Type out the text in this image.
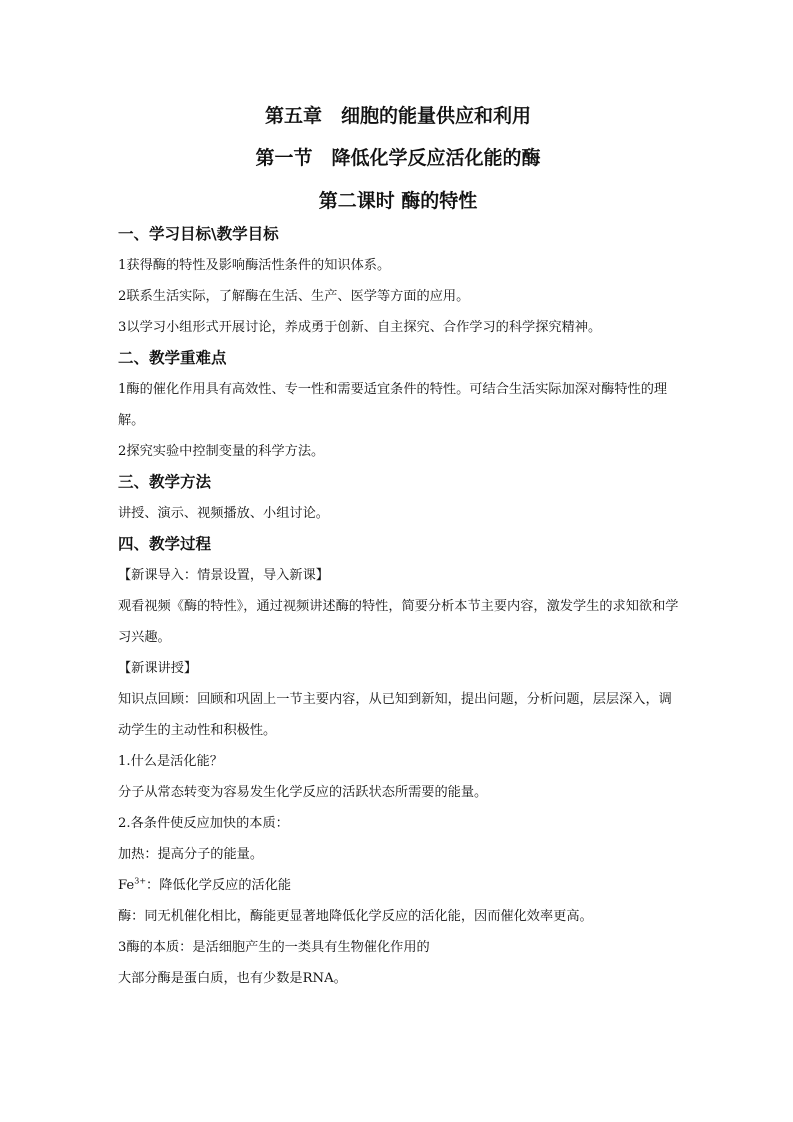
第五章　细胞的能量供应和利用
第一节　降低化学反应活化能的酶
第二课时 酶的特性
一、学习目标\教学目标

1获得酶的特性及影响酶活性条件的知识体系。

2联系生活实际，了解酶在生活、生产、医学等方面的应用。

3以学习小组形式开展讨论，养成勇于创新、自主探究、合作学习的科学探究精神。

二、教学重难点

1酶的催化作用具有高效性、专一性和需要适宜条件的特性。可结合生活实际加深对酶特性的理解。

2探究实验中控制变量的科学方法。

三、教学方法

讲授、演示、视频播放、小组讨论。

四、教学过程

【新课导入：情景设置，导入新课】

观看视频《酶的特性》，通过视频讲述酶的特性，简要分析本节主要内容，激发学生的求知欲和学习兴趣。

【新课讲授】

知识点回顾：回顾和巩固上一节主要内容，从已知到新知，提出问题，分析问题，层层深入，调动学生的主动性和积极性。

1.什么是活化能？

分子从常态转变为容易发生化学反应的活跃状态所需要的能量。

2.各条件使反应加快的本质：

加热：提高分子的能量。

$Fe^{3+}$：降低化学反应的活化能

酶：同无机催化相比，酶能更显著地降低化学反应的活化能，因而催化效率更高。

3酶的本质：是活细胞产生的一类具有生物催化作用的

大部分酶是蛋白质，也有少数是RNA。
